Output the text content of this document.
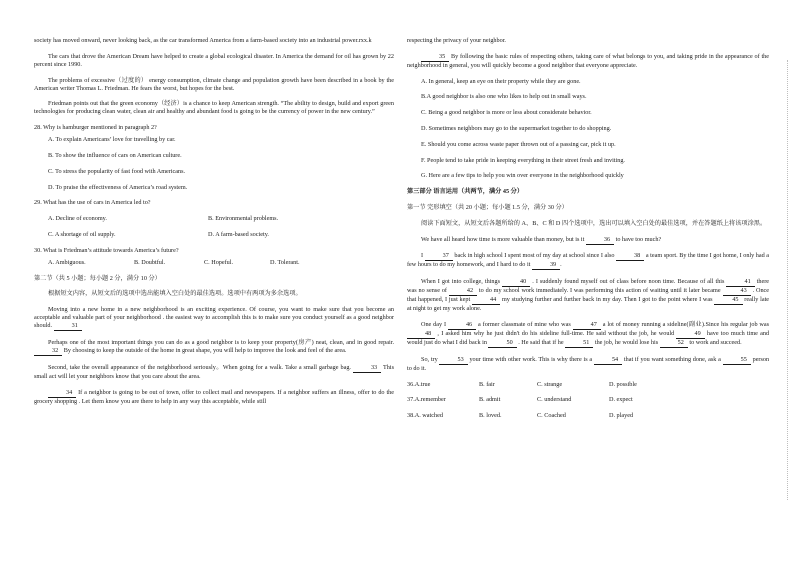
society has moved onward, never looking back, as the car transformed America from a farm-based society into an industrial power.rxx.k

The cars that drove the American Dream have helped to create a global ecological disaster. In America the demand for oil has grown by 22 percent since 1990.

The problems of excessive（过度的） energy consumption, climate change and population growth have been described in a book by the American writer Thomas L. Friedman. He fears the worst, but hopes for the best.

Friedman points out that the green economy（经济）is a chance to keep American strength. “The ability to design, build and export green technologies for producing clean water, clean air and healthy and abundant food is going to be the currency of power in the new century.”

28. Why is hamburger mentioned in paragraph 2?

A. To explain Americans’ love for travelling by car.

B. To show the influence of cars on American culture.

C. To stress the popularity of fast food with Americans.

D. To praise the effectiveness of America’s road system.

29. What has the use of cars in America led to?

A. Decline of economy.	B. Environmental problems.
C. A shortage of oil supply.	D. A farm-based society.

30. What is Friedman’s attitude towards America’s future?

A. Ambiguous.	B. Doubtful.	C. Hopeful.	D. Tolerant.

第二节（共 5 小题；每小题 2 分，满分 10 分）

根据短文内容，从短文后的选项中选出能填入空白处的最佳选项。选项中有两项为多余选项。

Moving into a new home in a new neighborhood is an exciting experience. Of course, you want to make sure that you become an acceptable and valuable part of your neighborhood . the easiest way to accomplish this is to make sure you conduct yourself as a good neighbor should.	31

Perhaps one of the most important things you can do as a good neighbor is to keep your property(房产) neat, clean, and in good repair. 32 By choosing to keep the outside of the home in great shape, you will help to improve the look and feel of the area.

Second, take the overall appearance of the neighborhood seriously。When going for a walk. Take a small garbage bag.	33 This small act will let your neighbors know that you care about the area.

34 If a neighbor is going to be out of town, offer to collect mail and newspapers. If a neighbor suffers an illness, offer to do the grocery shopping . Let them know you are there to help in any way this acceptable, while still

respecting the privacy of your neighbor.

35 By following the basic rules of respecting others, taking care of what belongs to you, and taking pride in the appearance of the neighborhood in general, you will quickly become a good neighbor that everyone appreciate.

A. In general, keep an eye on their property while they are gone.

B.A good neighbor is also one who likes to help out in small ways.

C. Being a good neighbor is more or less about considerate behavior.

D. Sometimes neighbors may go to the supermarket together to do shopping.

E. Should you come across waste paper thrown out of a passing car, pick it up.

F. People tend to take pride in keeping everything in their street fresh and inviting.

G. Here are a few tips to help you win over everyone in the neighborhood quickly

第三部分 语言运用（共两节，满分 45 分）

第一节 完形填空（共 20 小题；每小题 1.5 分，满分 30 分）

阅读下面短文，从短文后各题所给的 A、B、C 和 D 四个选项中，选出可以填入空白处的最佳选项，并在答题纸上将该项涂黑。

We have all heard how time is more valuable than money, but is it	36 to have too much?

I	37 back in high school I spent most of my day at school since I also	38 a team sport. By the time I got home, I only had a few hours to do my homework, and I hard to do it	39 .

When I got into college, things	40 . I suddenly found myself out of class before noon time. Because of all this	41 there was no sense of	42 to do my school work immediately. I was performing this action of waiting until it later became	43 . Once that happened, I just kept	44 my studying further and further back in my day. Then I got to the point where I was	45 really late at night to get my work alone.

One day I	46 a former classmate of mine who was	47 a lot of money running a sideline(副业).Since his regular job was 48 , I asked him why he just didn't do his sideline full-time. He said without the job, he would	49 have too much time and would just do what I did back in	50 . He said that if he	51 the job, he would lose his	52 to work and succeed.

So, try	53 your time with other work. This is why there is a	54 that if you want something done, ask a	55 person to do it.

36.A.true	B. fair	C. strange	D. possible
37.A.remember	B. admit	C. understand	D. expect
38.A. watched	B. loved.	C. Coached	D. played
